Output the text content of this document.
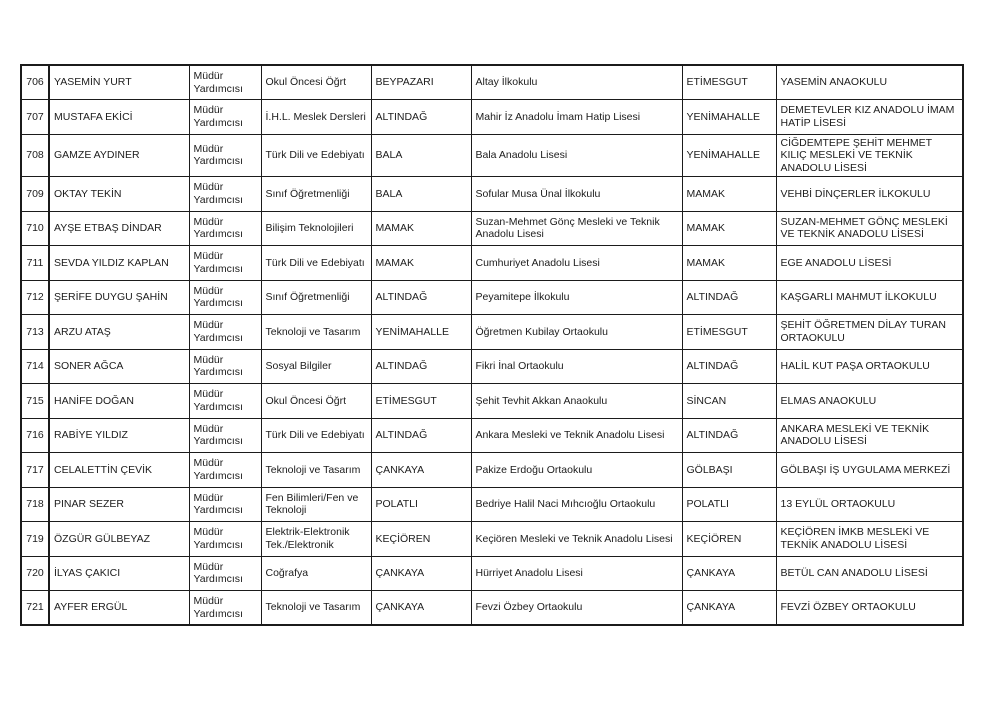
706	YASEMİN YURT	Müdür Yardımcısı	Okul Öncesi Öğrt	BEYPAZARI	Altay İlkokulu	ETİMESGUT	YASEMİN ANAOKULU
707	MUSTAFA EKİCİ	Müdür Yardımcısı	İ.H.L. Meslek Dersleri	ALTINDAĞ	Mahir İz Anadolu İmam Hatip Lisesi	YENİMAHALLE	DEMETEVLER KIZ ANADOLU İMAM HATİP LİSESİ
708	GAMZE AYDINER	Müdür Yardımcısı	Türk Dili ve Edebiyatı	BALA	Bala Anadolu Lisesi	YENİMAHALLE	CİĞDEMTEPE ŞEHİT MEHMET KILIÇ MESLEKİ VE TEKNİK ANADOLU LİSESİ
709	OKTAY TEKİN	Müdür Yardımcısı	Sınıf Öğretmenliği	BALA	Sofular Musa Ünal İlkokulu	MAMAK	VEHBİ DİNÇERLER İLKOKULU
710	AYŞE ETBAŞ DİNDAR	Müdür Yardımcısı	Bilişim Teknolojileri	MAMAK	Suzan-Mehmet Gönç Mesleki ve Teknik Anadolu Lisesi	MAMAK	SUZAN-MEHMET GÖNÇ MESLEKİ VE TEKNİK ANADOLU LİSESİ
711	SEVDA YILDIZ KAPLAN	Müdür Yardımcısı	Türk Dili ve Edebiyatı	MAMAK	Cumhuriyet Anadolu Lisesi	MAMAK	EGE ANADOLU LİSESİ
712	ŞERİFE DUYGU ŞAHİN	Müdür Yardımcısı	Sınıf Öğretmenliği	ALTINDAĞ	Peyamitepe İlkokulu	ALTINDAĞ	KAŞGARLI MAHMUT İLKOKULU
713	ARZU ATAŞ	Müdür Yardımcısı	Teknoloji ve Tasarım	YENİMAHALLE	Öğretmen Kubilay Ortaokulu	ETİMESGUT	ŞEHİT ÖĞRETMEN DİLAY TURAN ORTAOKULU
714	SONER AĞCA	Müdür Yardımcısı	Sosyal Bilgiler	ALTINDAĞ	Fikri İnal Ortaokulu	ALTINDAĞ	HALİL KUT PAŞA ORTAOKULU
715	HANİFE DOĞAN	Müdür Yardımcısı	Okul Öncesi Öğrt	ETİMESGUT	Şehit Tevhit Akkan Anaokulu	SİNCAN	ELMAS ANAOKULU
716	RABİYE YILDIZ	Müdür Yardımcısı	Türk Dili ve Edebiyatı	ALTINDAĞ	Ankara Mesleki ve Teknik Anadolu Lisesi	ALTINDAĞ	ANKARA MESLEKİ VE TEKNİK ANADOLU LİSESİ
717	CELALETTİN ÇEVİK	Müdür Yardımcısı	Teknoloji ve Tasarım	ÇANKAYA	Pakize Erdoğu Ortaokulu	GÖLBAŞI	GÖLBAŞI İŞ UYGULAMA MERKEZİ
718	PINAR SEZER	Müdür Yardımcısı	Fen Bilimleri/Fen ve Teknoloji	POLATLI	Bedriye Halil Naci Mıhcıoğlu Ortaokulu	POLATLI	13 EYLÜL ORTAOKULU
719	ÖZGÜR GÜLBEYAZ	Müdür Yardımcısı	Elektrik-Elektronik Tek./Elektronik	KEÇİÖREN	Keçiören Mesleki ve Teknik Anadolu Lisesi	KEÇİÖREN	KEÇİÖREN İMKB MESLEKİ VE TEKNİK ANADOLU LİSESİ
720	İLYAS ÇAKICI	Müdür Yardımcısı	Coğrafya	ÇANKAYA	Hürriyet Anadolu Lisesi	ÇANKAYA	BETÜL CAN ANADOLU LİSESİ
721	AYFER ERGÜL	Müdür Yardımcısı	Teknoloji ve Tasarım	ÇANKAYA	Fevzi Özbey Ortaokulu	ÇANKAYA	FEVZİ ÖZBEY ORTAOKULU
